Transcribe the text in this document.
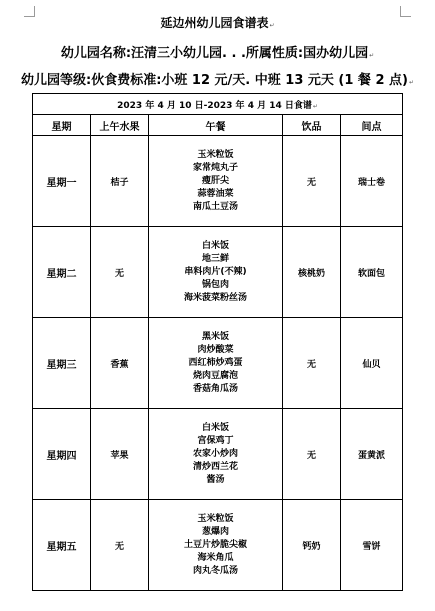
延边州幼儿园食谱表↵
幼儿园名称:汪清三小幼儿园. . .所属性质:国办幼儿园↵
幼儿园等级:伙食费标准:小班 12 元/天. 中班 13 元天 (1 餐 2 点)↵
2023 年 4 月 10 日-2023 年 4 月 14 日食谱↵				
星期	上午水果	午餐	饮品	间点
星期一	桔子	玉米粒饭
家常炖丸子
瘦肝尖
蒜蓉油菜
南瓜土豆汤	无	瑞士卷
星期二	无	白米饭
地三鲜
串料肉片(不辣)
锅包肉
海米菠菜粉丝汤	核桃奶	软面包
星期三	香蕉	黑米饭
肉炒酸菜
西红柿炒鸡蛋
烧肉豆腐泡
香菇角瓜汤	无	仙贝
星期四	苹果	白米饭
宫保鸡丁
农家小炒肉
清炒西兰花
酱汤	无	蛋黄派
星期五	无	玉米粒饭
葱爆肉
土豆片炒脆尖椒
海米角瓜
肉丸冬瓜汤	钙奶	雪饼
